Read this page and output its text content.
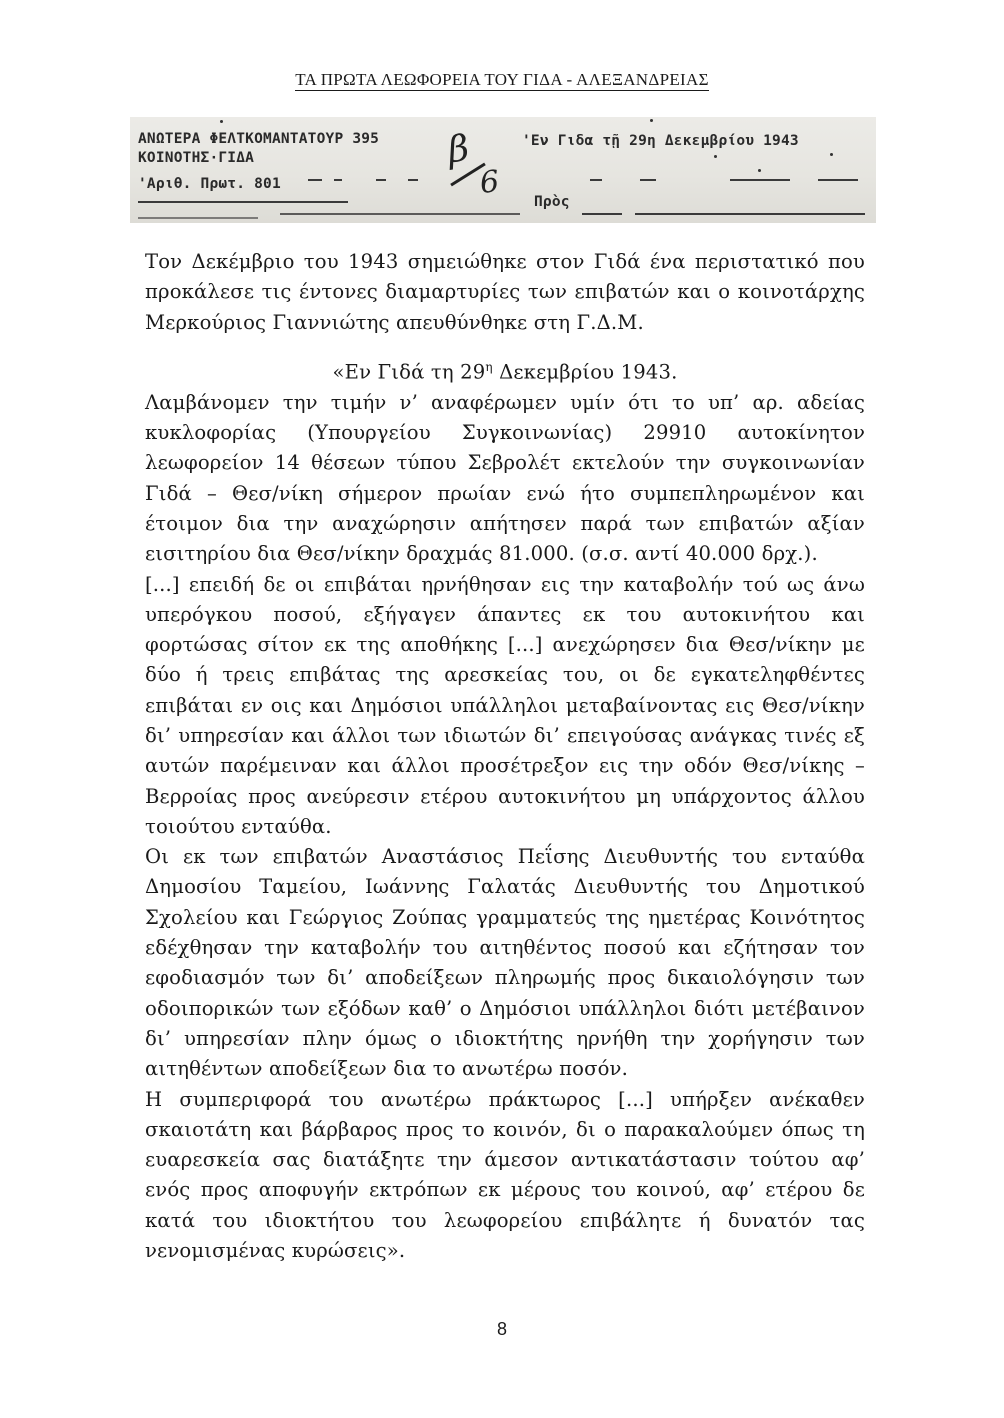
ΤΑ ΠΡΩΤΑ ΛΕΩΦΟΡΕΙΑ ΤΟΥ ΓΙΔΑ - ΑΛΕΞΑΝΔΡΕΙΑΣ
ΑΝΩΤΕΡΑ ΦΕΛΤΚΟΜΑΝΤΑΤΟΥΡ 395
ΚΟΙΝΟΤΗΣ·ΓΙΔΑ
'Αριθ. Πρωτ. 801
'Εν Γιδα τῇ 29η Δεκεμβρίου 1943
Πρὸς
β
6

Τον Δεκέμβριο του 1943 σημειώθηκε στον Γιδά ένα περιστατικό που προκάλεσε τις έντονες διαμαρτυρίες των επιβατών και ο κοινοτάρχης Μερκούριος Γιαννιώτης απευθύνθηκε στη Γ.Δ.Μ.

«Εν Γιδά τη $29^\eta$ Δεκεμβρίου 1943.

Λαμβάνομεν την τιμήν ν’ αναφέρωμεν υμίν ότι το υπ’ αρ. αδείας κυκλοφορίας (Υπουργείου Συγκοινωνίας) 29910 αυτοκίνητον λεωφορείον 14 θέσεων τύπου Σεβρολέτ εκτελούν την συγκοινωνίαν Γιδά – Θεσ/νίκη σήμερον πρωίαν ενώ ήτο συμπεπληρωμένον και έτοιμον δια την αναχώρησιν απήτησεν παρά των επιβατών αξίαν εισιτηρίου δια Θεσ/νίκην δραχμάς 81.000. (σ.σ. αντί 40.000 δρχ.).

[...] επειδή δε οι επιβάται ηρνήθησαν εις την καταβολήν τού ως άνω υπερόγκου ποσού, εξήγαγεν άπαντες εκ του αυτοκινήτου και φορτώσας σίτον εκ της αποθήκης [...] ανεχώρησεν δια Θεσ/νίκην με δύο ή τρεις επιβάτας της αρεσκείας του, οι δε εγκατεληφθέντες επιβάται εν οις και Δημόσιοι υπάλληλοι μεταβαίνοντας εις Θεσ/νίκην δι’ υπηρεσίαν και άλλοι των ιδιωτών δι’ επειγούσας ανάγκας τινές εξ αυτών παρέμειναν και άλλοι προσέτρεξον εις την οδόν Θεσ/νίκης – Βερροίας προς ανεύρεσιν ετέρου αυτοκινήτου μη υπάρχοντος άλλου τοιούτου ενταύθα.

Οι εκ των επιβατών Αναστάσιος Πεΐσης Διευθυντής του ενταύθα Δημοσίου Ταμείου, Ιωάννης Γαλατάς Διευθυντής του Δημοτικού Σχολείου και Γεώργιος Ζούπας γραμματεύς της ημετέρας Κοινότητος εδέχθησαν την καταβολήν του αιτηθέντος ποσού και εζήτησαν τον εφοδιασμόν των δι’ αποδείξεων πληρωμής προς δικαιολόγησιν των οδοιπορικών των εξόδων καθ’ ο Δημόσιοι υπάλληλοι διότι μετέβαινον δι’ υπηρεσίαν πλην όμως ο ιδιοκτήτης ηρνήθη την χορήγησιν των αιτηθέντων αποδείξεων δια το ανωτέρω ποσόν.

Η συμπεριφορά του ανωτέρω πράκτωρος [...] υπήρξεν ανέκαθεν σκαιοτάτη και βάρβαρος προς το κοινόν, δι ο παρακαλούμεν όπως τη ευαρεσκεία σας διατάξητε την άμεσον αντικατάστασιν τούτου αφ’ ενός προς αποφυγήν εκτρόπων εκ μέρους του κοινού, αφ’ ετέρου δε κατά του ιδιοκτήτου του λεωφορείου επιβάλητε ή δυνατόν τας νενομισμένας κυρώσεις».

8
